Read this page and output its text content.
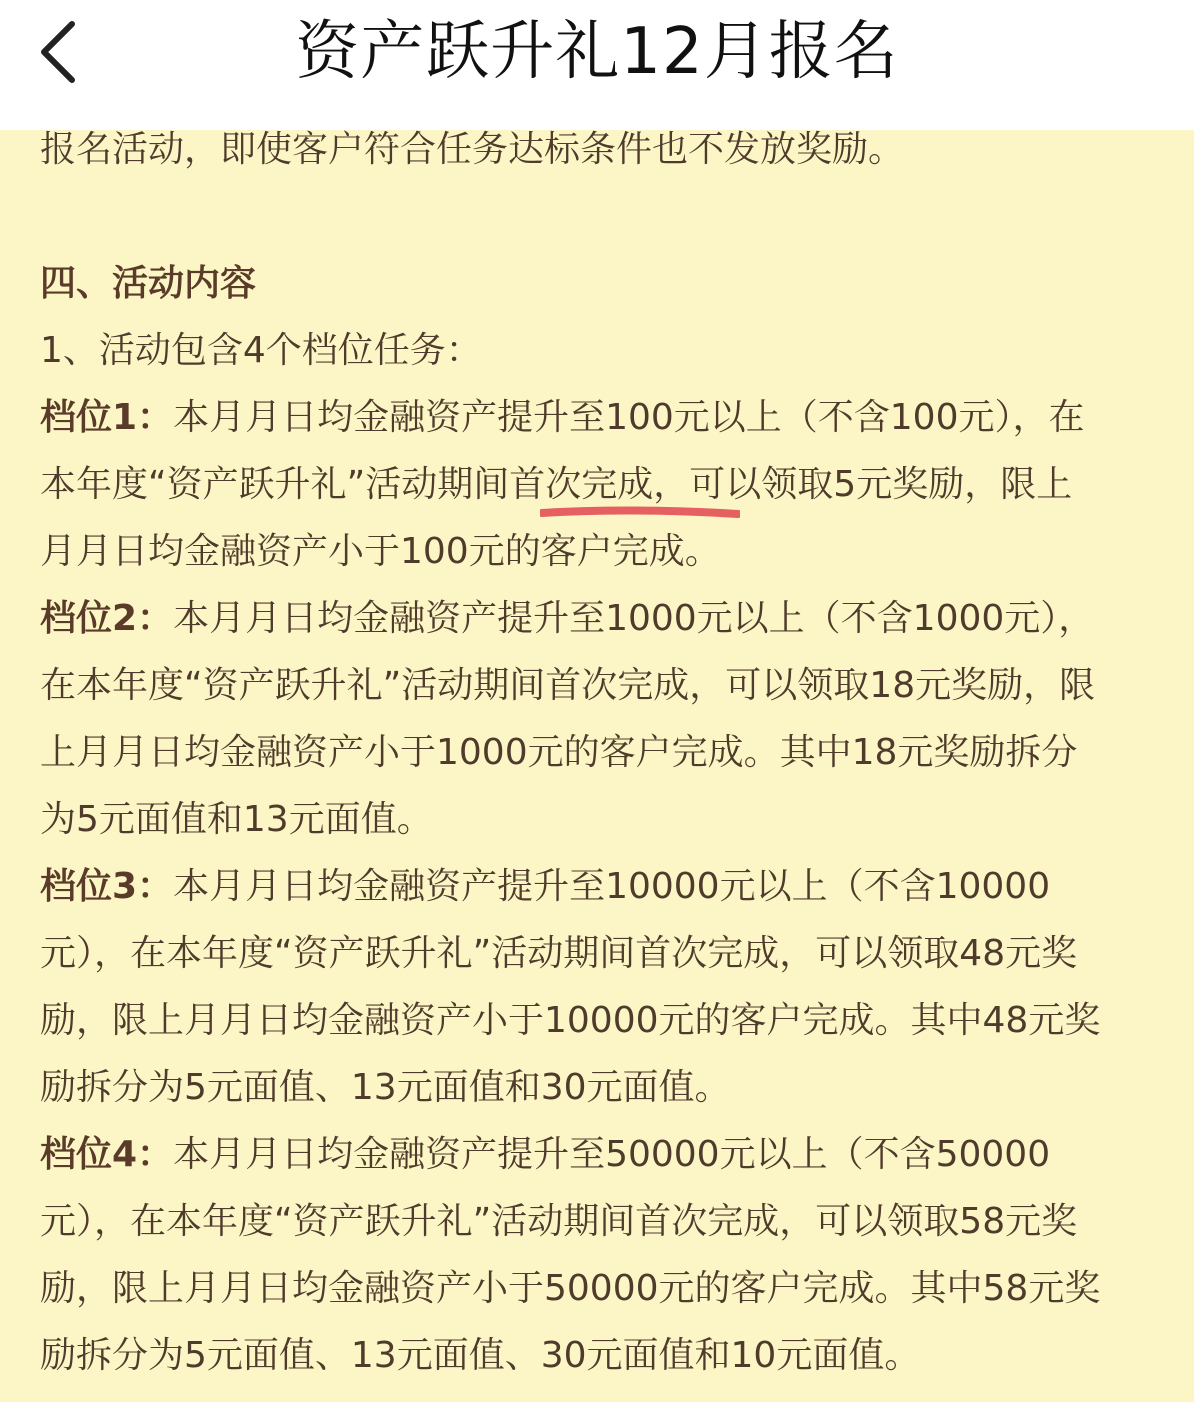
资产跃升礼12月报名

报名活动，即使客户符合任务达标条件也不发放奖励。

四、活动内容

1、活动包含4个档位任务：

档位1：本月月日均金融资产提升至100元以上（不含100元），在
本年度“资产跃升礼”活动期间首次完成，可以领取5元奖励，限上
月月日均金融资产小于100元的客户完成。
档位2：本月月日均金融资产提升至1000元以上（不含1000元），
在本年度“资产跃升礼”活动期间首次完成，可以领取18元奖励，限
上月月日均金融资产小于1000元的客户完成。其中18元奖励拆分
为5元面值和13元面值。
档位3：本月月日均金融资产提升至10000元以上（不含10000
元），在本年度“资产跃升礼”活动期间首次完成，可以领取48元奖
励，限上月月日均金融资产小于10000元的客户完成。其中48元奖
励拆分为5元面值、13元面值和30元面值。
档位4：本月月日均金融资产提升至50000元以上（不含50000
元），在本年度“资产跃升礼”活动期间首次完成，可以领取58元奖
励，限上月月日均金融资产小于50000元的客户完成。其中58元奖
励拆分为5元面值、13元面值、30元面值和10元面值。
